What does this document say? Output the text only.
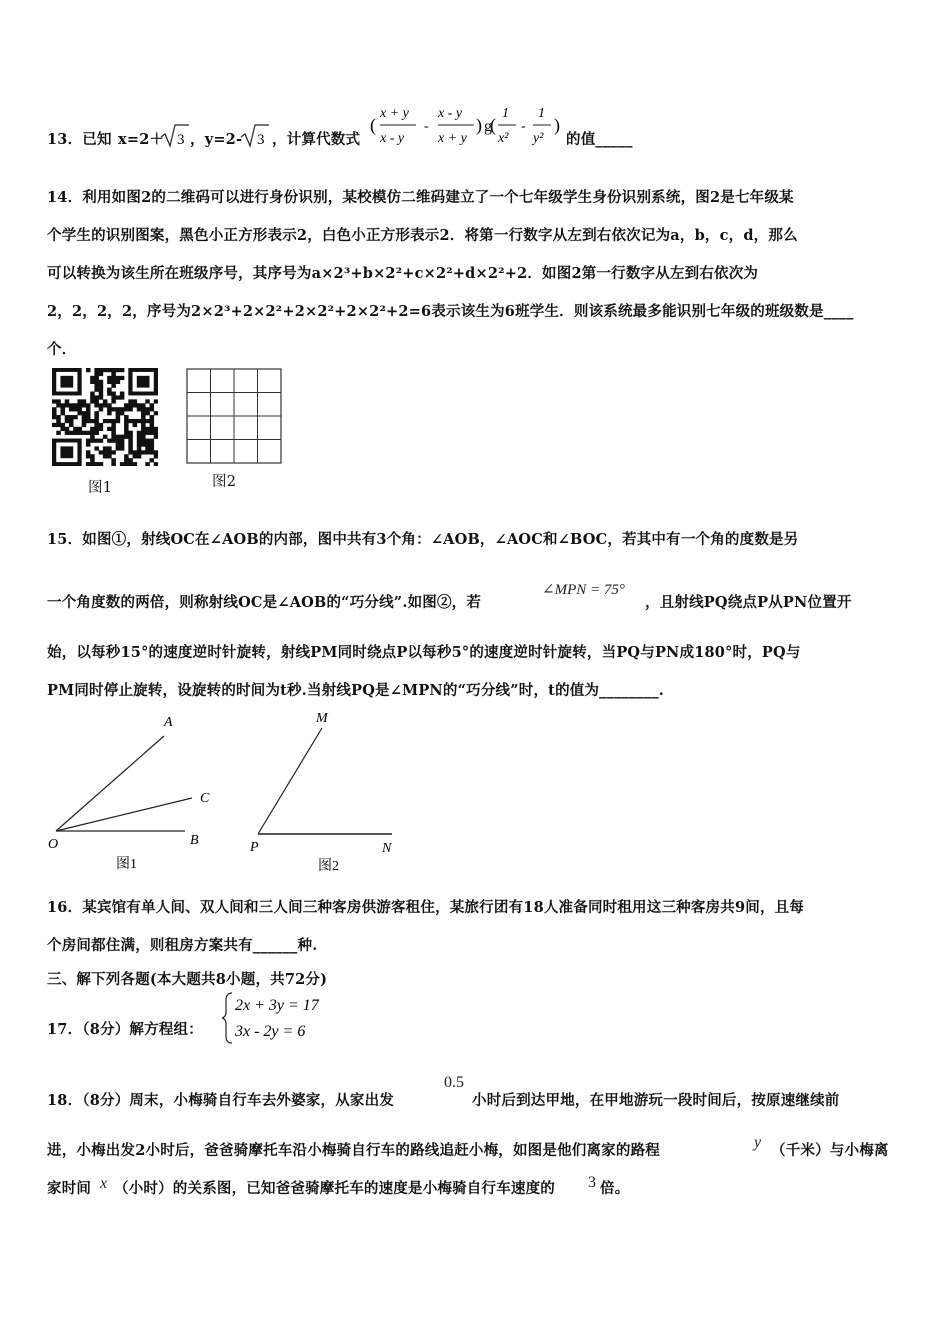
13．已知 x=2＋ 3 ，y=2- 3 ，计算代数式
(
x + y
x - y
-
x - y
x + y
) g
(
1
x²
-
1
y²
)
的值_____
14．利用如图2的二维码可以进行身份识别，某校模仿二维码建立了一个七年级学生身份识别系统，图2是七年级某
个学生的识别图案，黑色小正方形表示2，白色小正方形表示2．将第一行数字从左到右依次记为a，b，c，d，那么
可以转换为该生所在班级序号，其序号为a×2³+b×2²+c×2²+d×2²+2．如图2第一行数字从左到右依次为
2，2，2，2，序号为2×2³+2×2²+2×2²+2×2²+2=6表示该生为6班学生．则该系统最多能识别七年级的班级数是____
个．
图1	图2
15．如图①，射线OC在∠AOB的内部，图中共有3个角：∠AOB，∠AOC和∠BOC，若其中有一个角的度数是另
一个角度数的两倍，则称射线OC是∠AOB的“巧分线”.如图②，若
∠MPN = 75°
，且射线PQ绕点P从PN位置开
始，以每秒15°的速度逆时针旋转，射线PM同时绕点P以每秒5°的速度逆时针旋转，当PQ与PN成180°时，PQ与
PM同时停止旋转，设旋转的时间为t秒.当射线PQ是∠MPN的“巧分线”时，t的值为________.
A
C
O	B
图1
M
P	N
图2
16．某宾馆有单人间、双人间和三人间三种客房供游客租住，某旅行团有18人准备同时租用这三种客房共9间，且每
个房间都住满，则租房方案共有______种.
三、解下列各题(本大题共8小题，共72分)
17．（8分）解方程组：
2x + 3y = 17
3x - 2y = 6
18．（8分）周末，小梅骑自行车去外婆家，从家出发
0.5
小时后到达甲地，在甲地游玩一段时间后，按原速继续前
进，小梅出发2小时后，爸爸骑摩托车沿小梅骑自行车的路线追赶小梅，如图是他们离家的路程	y （千米）与小梅离
家时间 x （小时）的关系图，已知爸爸骑摩托车的速度是小梅骑自行车速度的 3 倍。
